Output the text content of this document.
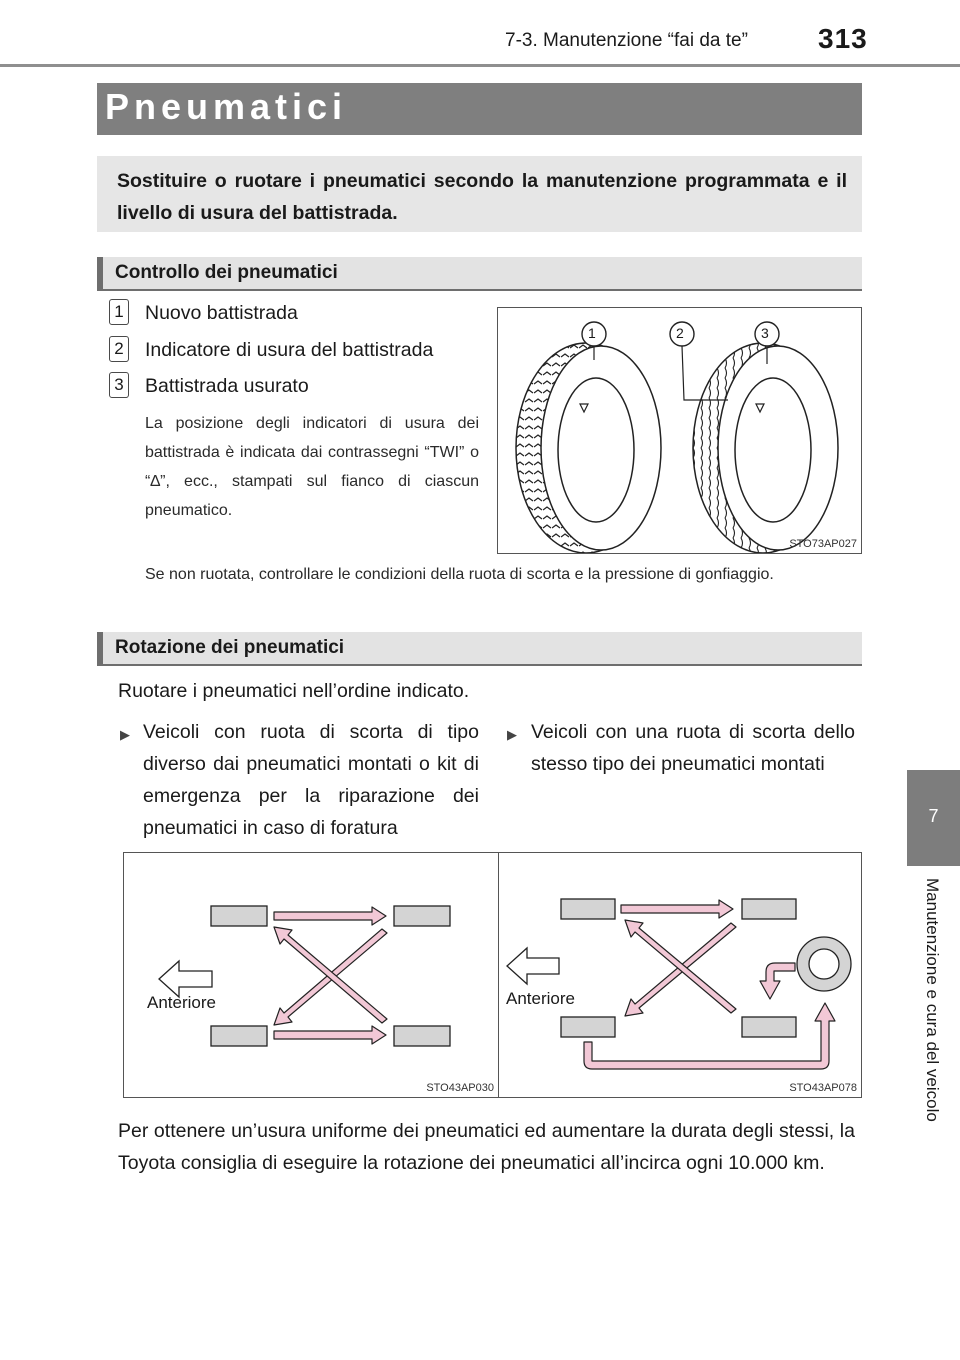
7-3. Manutenzione “fai da te”	313
7
Manutenzione e cura del veicolo
Pneumatici
Sostituire o ruotare i pneumatici secondo la manutenzione programmata e il livello di usura del battistrada.
Controllo dei pneumatici
1 Nuovo battistrada
2 Indicatore di usura del battistrada
3 Battistrada usurato
La posizione degli indicatori di usura dei battistrada è indicata dai contrassegni “TWI” o “∆”, ecc., stampati sul fianco di ciascun pneumatico.
1	2	3
STO73AP027
Se non ruotata, controllare le condizioni della ruota di scorta e la pressione di gonfiaggio.
Rotazione dei pneumatici
Ruotare i pneumatici nell’ordine indicato.
▶ Veicoli con ruota di scorta di tipo diverso dai pneumatici montati o kit di emergenza per la riparazione dei pneumatici in caso di foratura
▶ Veicoli con una ruota di scorta dello stesso tipo dei pneumatici montati
Anteriore
STO43AP030
Anteriore
STO43AP078
Per ottenere un’usura uniforme dei pneumatici ed aumentare la durata degli stessi, la Toyota consiglia di eseguire la rotazione dei pneumatici all’incirca ogni 10.000 km.
